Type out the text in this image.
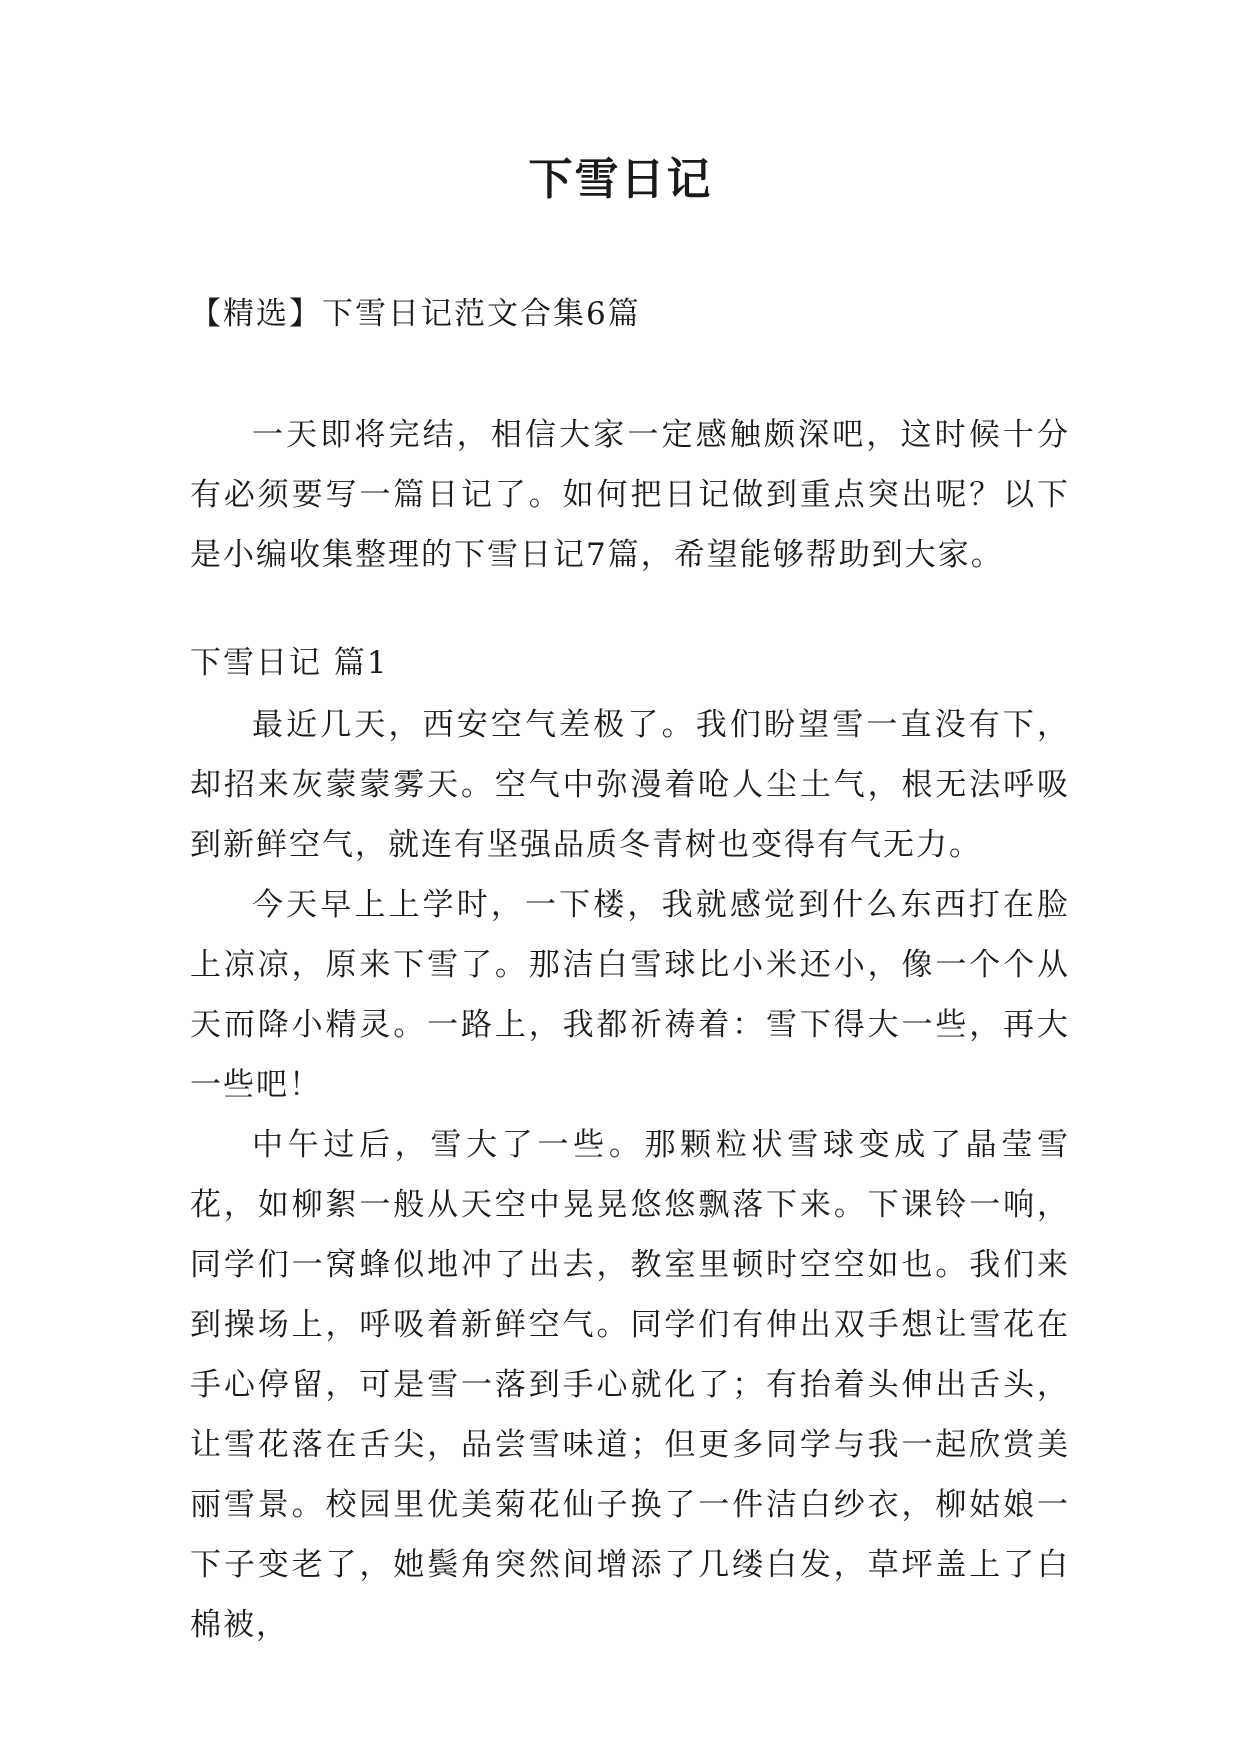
下雪日记

【精选】下雪日记范文合集6篇

一天即将完结，相信大家一定感触颇深吧，这时候十分有必须要写一篇日记了。如何把日记做到重点突出呢？以下是小编收集整理的下雪日记7篇，希望能够帮助到大家。

下雪日记 篇1

最近几天，西安空气差极了。我们盼望雪一直没有下，却招来灰蒙蒙雾天。空气中弥漫着呛人尘土气，根无法呼吸到新鲜空气，就连有坚强品质冬青树也变得有气无力。

今天早上上学时，一下楼，我就感觉到什么东西打在脸上凉凉，原来下雪了。那洁白雪球比小米还小，像一个个从天而降小精灵。一路上，我都祈祷着：雪下得大一些，再大一些吧！

中午过后，雪大了一些。那颗粒状雪球变成了晶莹雪花，如柳絮一般从天空中晃晃悠悠飘落下来。下课铃一响，同学们一窝蜂似地冲了出去，教室里顿时空空如也。我们来到操场上，呼吸着新鲜空气。同学们有伸出双手想让雪花在手心停留，可是雪一落到手心就化了；有抬着头伸出舌头，让雪花落在舌尖，品尝雪味道；但更多同学与我一起欣赏美丽雪景。校园里优美菊花仙子换了一件洁白纱衣，柳姑娘一下子变老了，她鬓角突然间增添了几缕白发，草坪盖上了白棉被，
